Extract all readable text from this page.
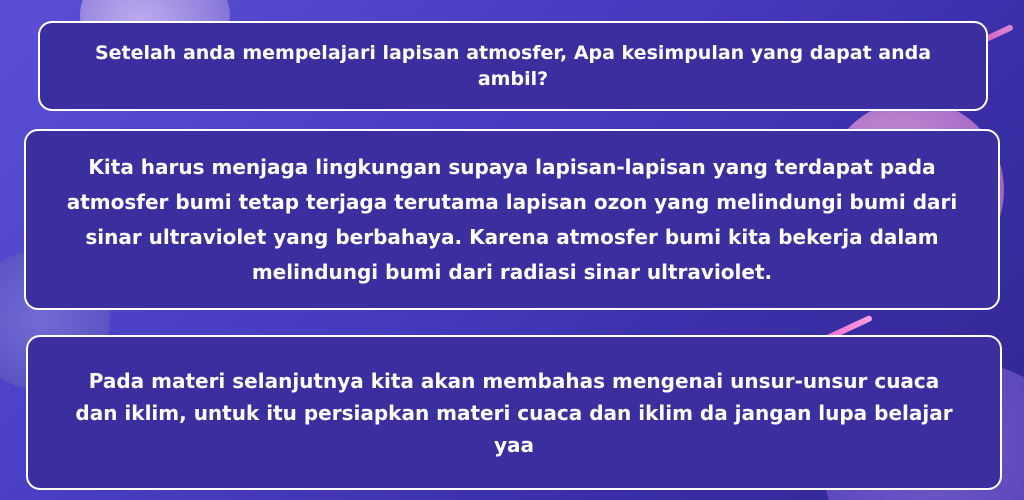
Setelah anda mempelajari lapisan atmosfer, Apa kesimpulan yang dapat anda ambil?

Kita harus menjaga lingkungan supaya lapisan-lapisan yang terdapat pada atmosfer bumi tetap terjaga terutama lapisan ozon yang melindungi bumi dari sinar ultraviolet yang berbahaya. Karena atmosfer bumi kita bekerja dalam melindungi bumi dari radiasi sinar ultraviolet.

Pada materi selanjutnya kita akan membahas mengenai unsur-unsur cuaca dan iklim, untuk itu persiapkan materi cuaca dan iklim da jangan lupa belajar yaa
